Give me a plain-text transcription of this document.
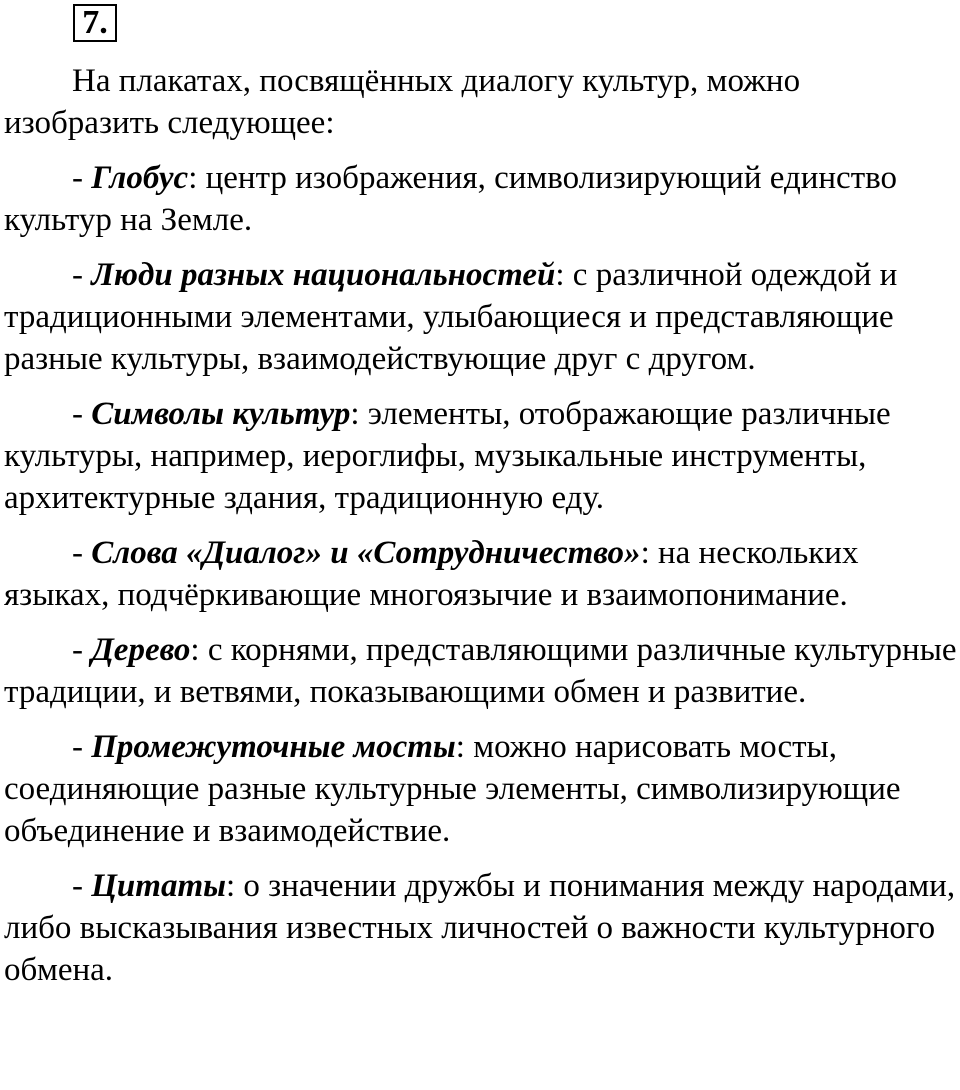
7.

На плакатах, посвящённых диалогу культур, можно изобразить следующее:

- Глобус: центр изображения, символизирующий единство культур на Земле.

- Люди разных национальностей: с различной одеждой и традиционными элементами, улыбающиеся и представляющие разные культуры, взаимодействующие друг с другом.

- Символы культур: элементы, отображающие различные культуры, например, иероглифы, музыкальные инструменты, архитектурные здания, традиционную еду.

- Слова «Диалог» и «Сотрудничество»: на нескольких языках, подчёркивающие многоязычие и взаимопонимание.

- Дерево: с корнями, представляющими различные культурные традиции, и ветвями, показывающими обмен и развитие.

- Промежуточные мосты: можно нарисовать мосты, соединяющие разные культурные элементы, символизирующие объединение и взаимодействие.

- Цитаты: о значении дружбы и понимания между народами, либо высказывания известных личностей о важности культурного обмена.
